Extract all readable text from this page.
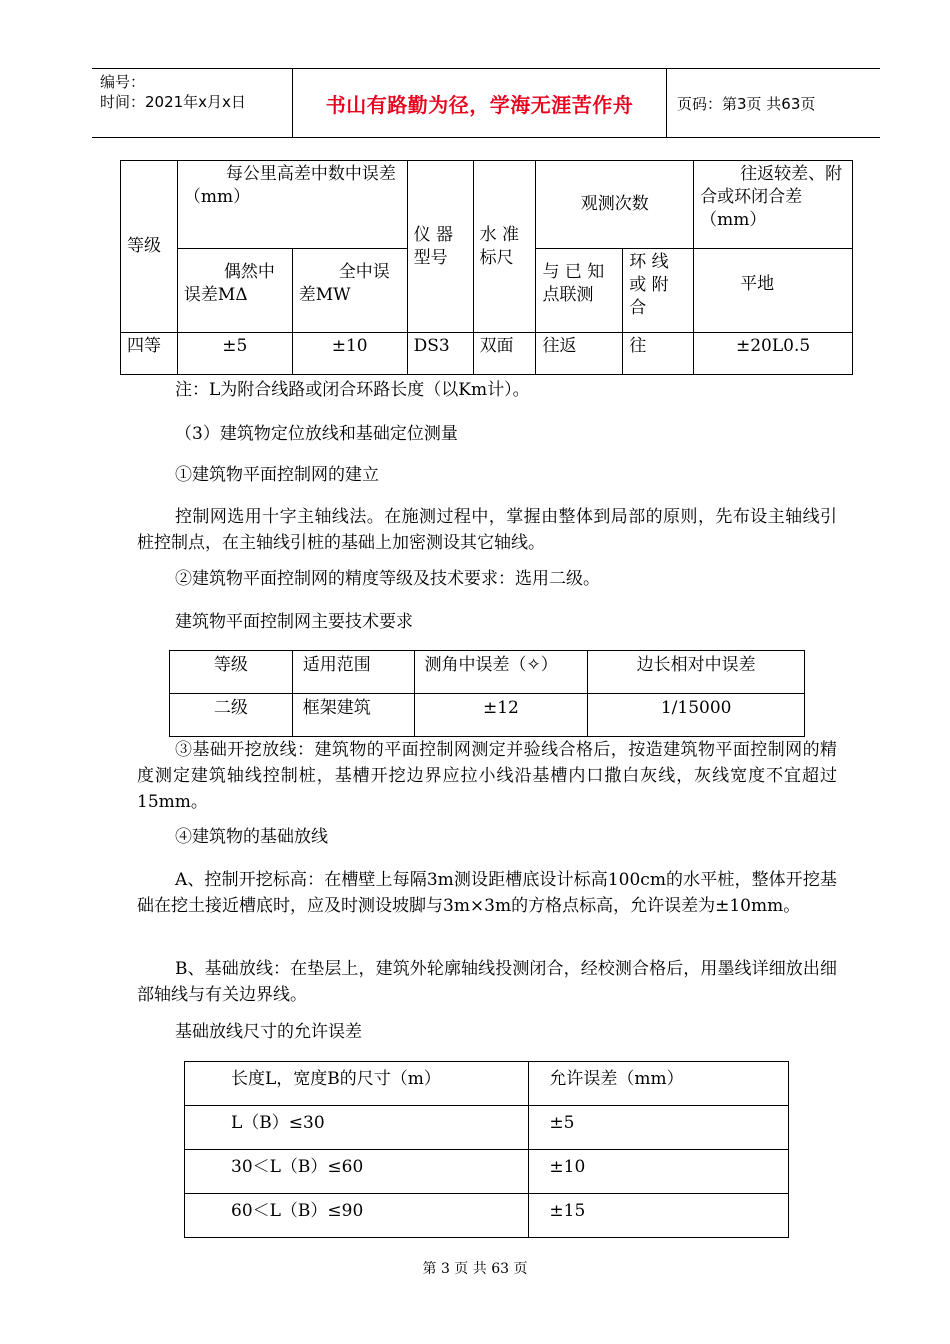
编号：
时间：2021年x月x日	书山有路勤为径，学海无涯苦作舟	页码：第3页 共63页
等级	每公里高差中数中误差（mm）		仪 器 型号	水 准 标尺	观测次数		往返较差、附合或环闭合差（mm）
	偶然中误差MΔ	全中误差MW			与 已 知 点联测	环 线 或 附 合	平地
四等	±5	±10	DS3	双面	往返	往	±20L0.5
注：L为附合线路或闭合环路长度（以Km计）。
（3）建筑物定位放线和基础定位测量
①建筑物平面控制网的建立
控制网选用十字主轴线法。在施测过程中，掌握由整体到局部的原则，先布设主轴线引桩控制点，在主轴线引桩的基础上加密测设其它轴线。
②建筑物平面控制网的精度等级及技术要求：选用二级。
建筑物平面控制网主要技术要求
等级	适用范围	测角中误差（✧）	边长相对中误差
二级	框架建筑	±12	1/15000
③基础开挖放线：建筑物的平面控制网测定并验线合格后，按造建筑物平面控制网的精度测定建筑轴线控制桩，基槽开挖边界应拉小线沿基槽内口撒白灰线，灰线宽度不宜超过15mm。
④建筑物的基础放线
A、控制开挖标高：在槽壁上每隔3m测设距槽底设计标高100cm的水平桩，整体开挖基础在挖土接近槽底时，应及时测设坡脚与3m×3m的方格点标高，允许误差为±10mm。
B、基础放线：在垫层上，建筑外轮廓轴线投测闭合，经校测合格后，用墨线详细放出细部轴线与有关边界线。
基础放线尺寸的允许误差
长度L，宽度B的尺寸（m）	允许误差（mm）
L（B）≤30	±5
30＜L（B）≤60	±10
60＜L（B）≤90	±15
第 3 页 共 63 页
